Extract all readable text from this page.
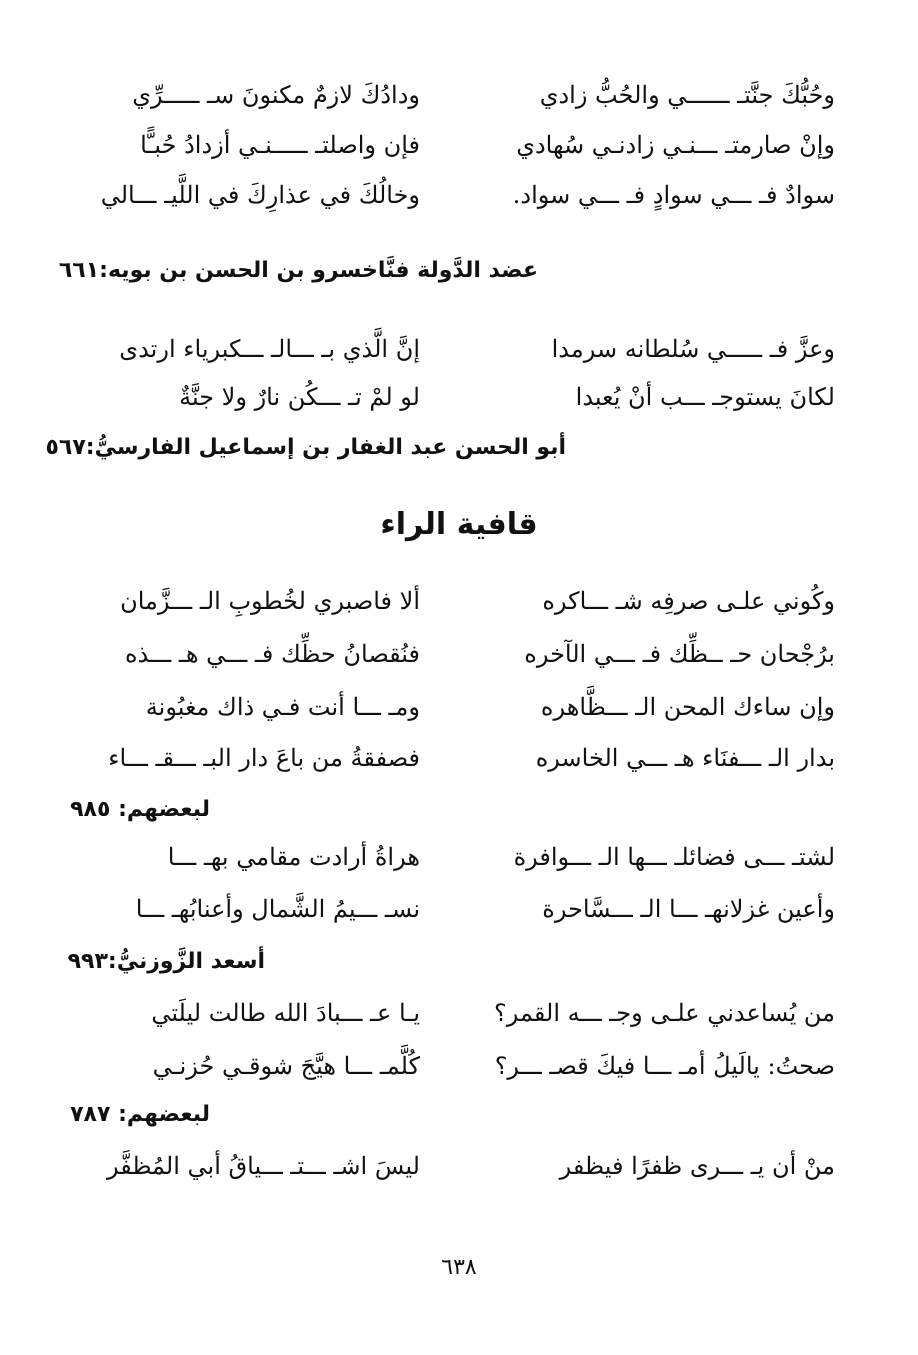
ودادُكَ لازمٌ مكنونَ سـ ـــــرِّي	وحُبُّكَ جنَّتـ ــــــي والحُبُّ زادي
فإن واصلتـ ـــــنـي أزدادُ حُبـًّا	وإنْ صارمتـ ـــنـي زادنـي سُهادي
وخالُكَ في عذارِكَ في اللَّيـ ـــالي	سوادٌ فـ ـــي سوادٍ فـ ـــي سواد.
عضد الدَّولة فنَّاخسرو بن الحسن بن بويه:٦٦١
إنَّ الَّذي بـ ـــالـ ـــكبرياء ارتدى	وعزَّ فـ ـــــي سُلطانه سرمدا
لو لمْ تـ ـــكُن نارٌ ولا جنَّةٌ	لكانَ يستوجـ ـــب أنْ يُعبدا
أبو الحسن عبد الغفار بن إسماعيل الفارسيُّ:٥٦٧
قافية الراء
ألا فاصبري لخُطوبِ الـ ـــزَّمان	وكُوني علـى صرفِه شـ ـــاكره
فنُقصانُ حظِّك فـ ـــي هـ ـــذه	برُجْحان حـ ــظِّك فـ ـــي الآخره
ومـ ـــا أنت فـي ذاك مغبُونة	وإن ساءك المحن الـ ـــظَّاهره
فصفقةُ من باعَ دار البـ ـــقـ ـــاء	بدار الـ ـــفنَاء هـ ـــي الخاسره
لبعضهم: ٩٨٥
هراةُ أرادت مقامي بهـ ـــا	لشتـ ـــى فضائلـ ـــها الـ ـــوافرة
نسـ ـــيمُ الشَّمال وأعنابُهـ ـــا	وأعين غزلانهـ ـــا الـ ـــسَّاحرة
أسعد الزَّوزنيُّ:٩٩٣
يـا عـ ـــبادَ الله طالت ليلَتي	من يُساعدني علـى وجـ ـــه القمر؟
كُلَّمـ ـــا هيَّجَ شوقـي حُزنـي	صحتُ: يالَيلُ أمـ ـــا فيكَ قصـ ـــر؟
لبعضهم: ٧٨٧
ليسَ اشـ ـــتـ ـــياقُ أبي المُظفَّر	منْ أن يـ ـــرى ظفرًا فيظفر
٦٣٨
